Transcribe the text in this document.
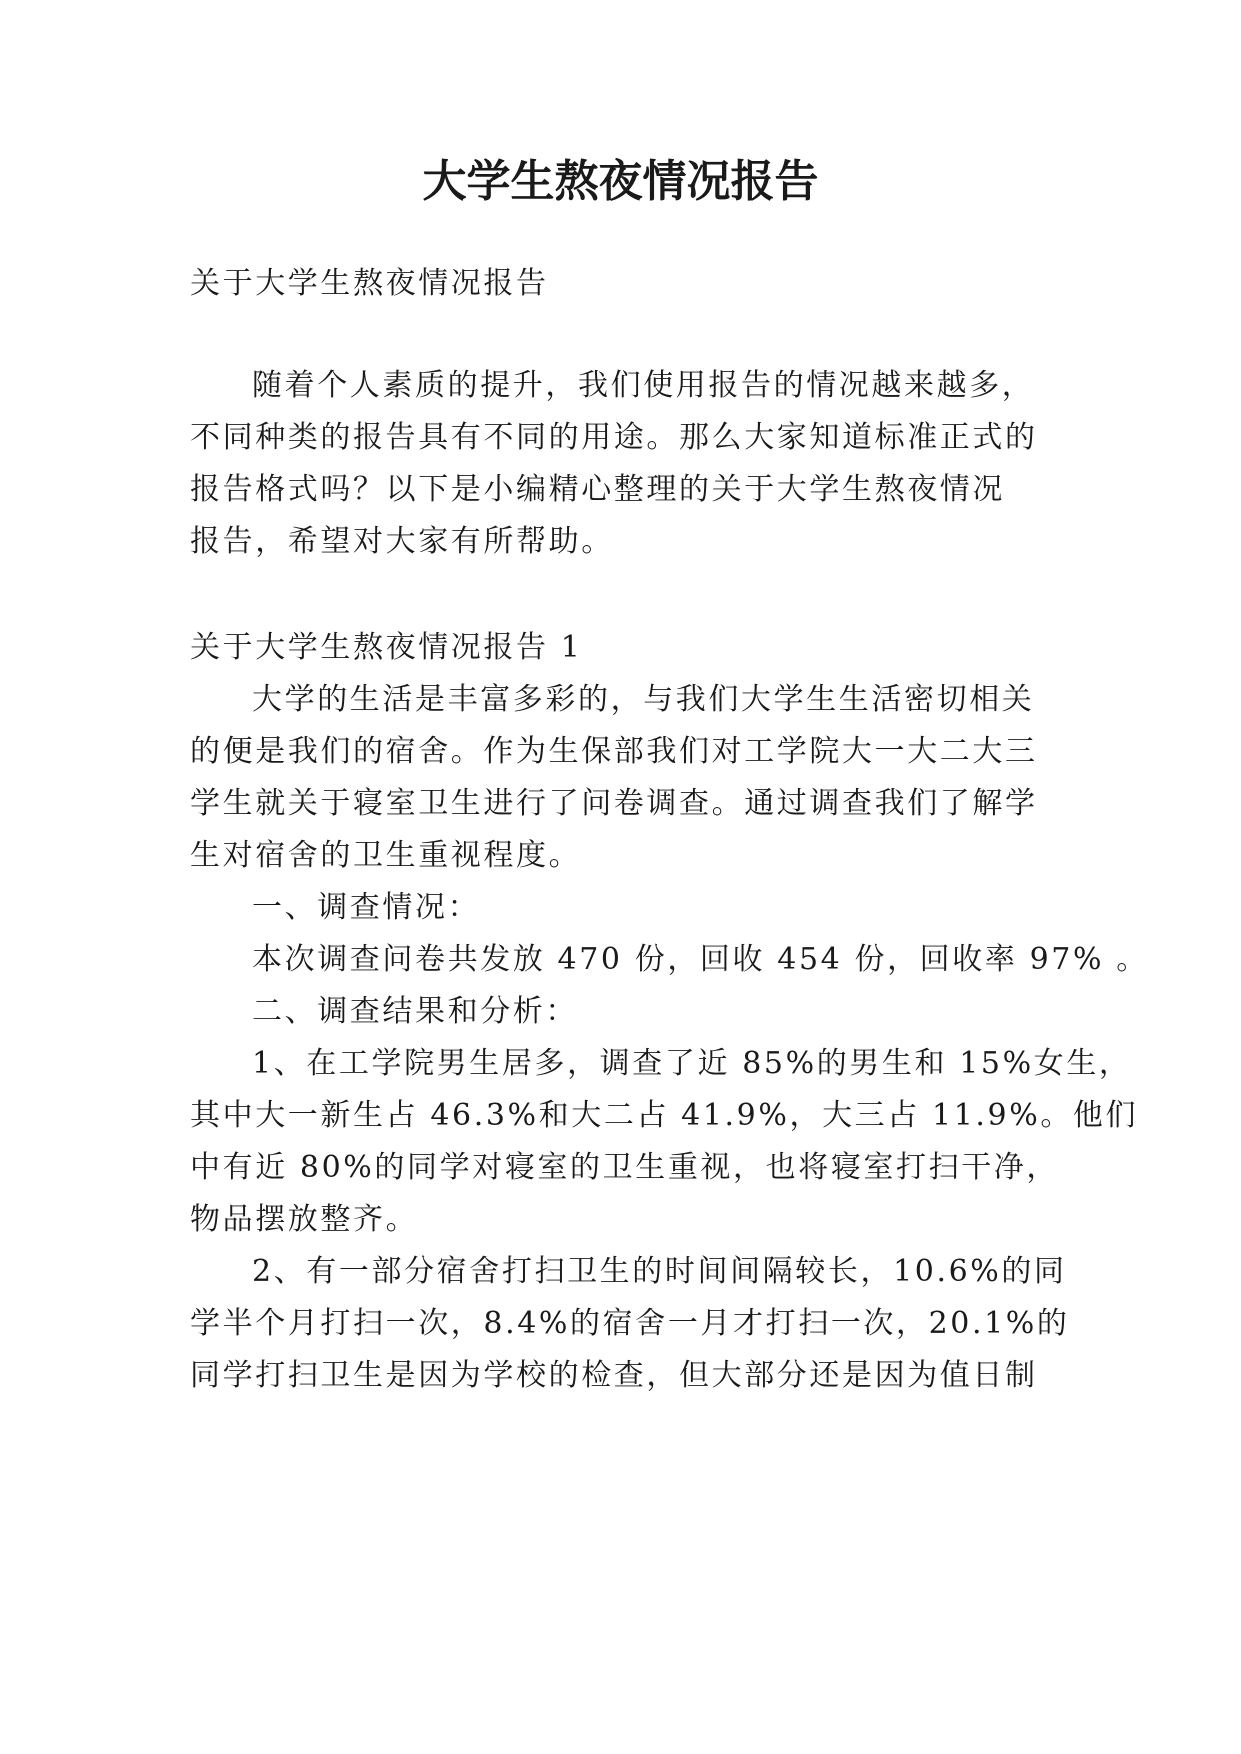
大学生熬夜情况报告
关于大学生熬夜情况报告
随着个人素质的提升，我们使用报告的情况越来越多，
不同种类的报告具有不同的用途。那么大家知道标准正式的
报告格式吗？以下是小编精心整理的关于大学生熬夜情况
报告，希望对大家有所帮助。
关于大学生熬夜情况报告 1
大学的生活是丰富多彩的，与我们大学生生活密切相关
的便是我们的宿舍。作为生保部我们对工学院大一大二大三
学生就关于寝室卫生进行了问卷调查。通过调查我们了解学
生对宿舍的卫生重视程度。
一、调查情况：
本次调查问卷共发放 470 份，回收 454 份，回收率 97% 。
二、调查结果和分析：
1、在工学院男生居多，调查了近 85%的男生和 15%女生，
其中大一新生占 46.3%和大二占 41.9%，大三占 11.9%。他们
中有近 80%的同学对寝室的卫生重视，也将寝室打扫干净，
物品摆放整齐。
2、有一部分宿舍打扫卫生的时间间隔较长，10.6%的同
学半个月打扫一次，8.4%的宿舍一月才打扫一次，20.1%的
同学打扫卫生是因为学校的检查，但大部分还是因为值日制
